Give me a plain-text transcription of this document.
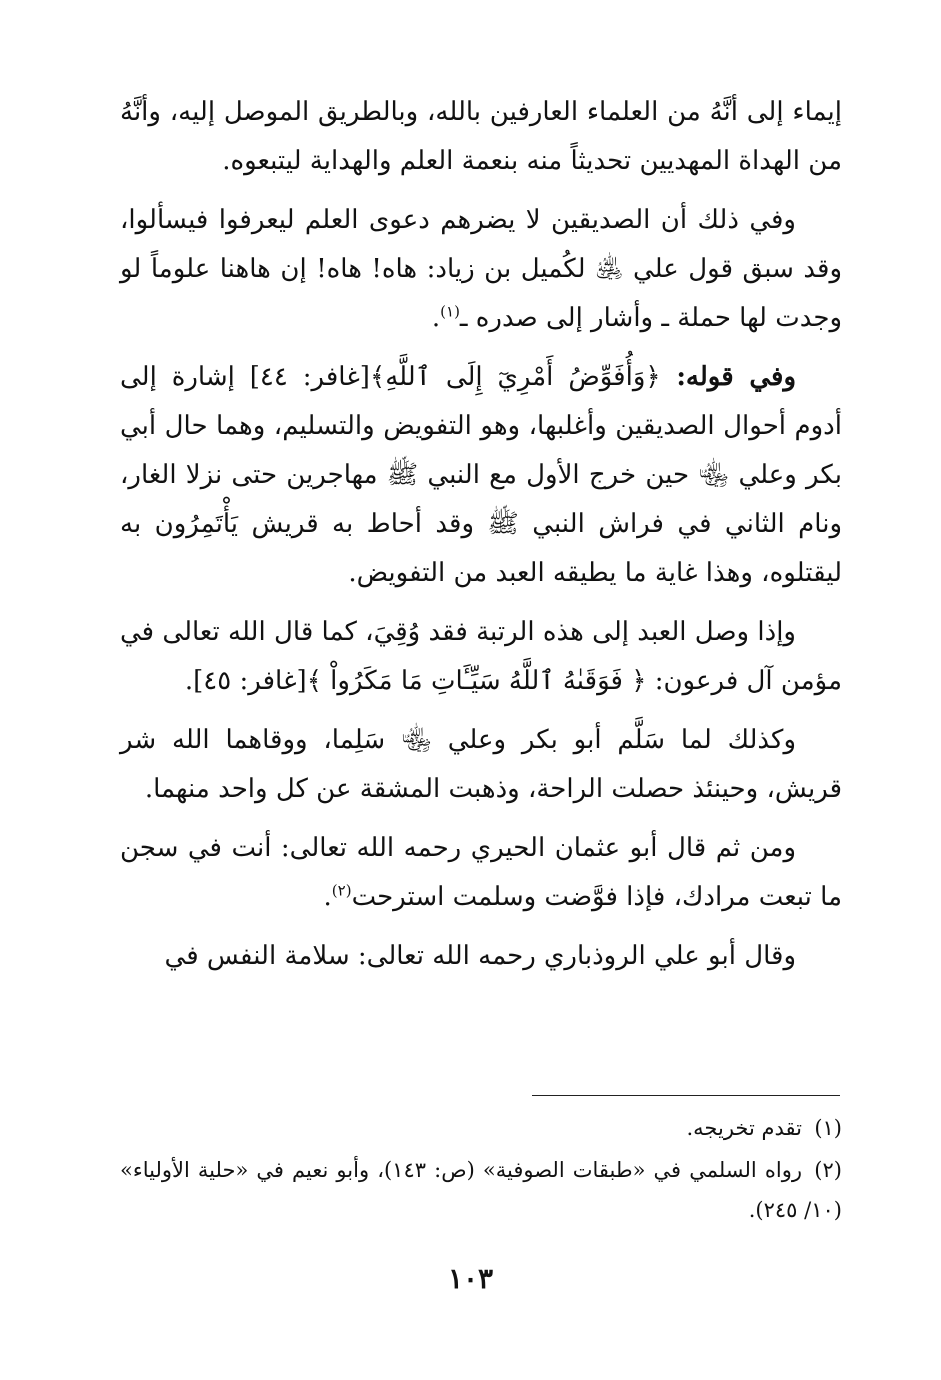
إيماء إلى أنَّهُ من العلماء العارفين بالله، وبالطريق الموصل إليه، وأنَّهُ من الهداة المهديين تحديثاً منه بنعمة العلم والهداية ليتبعوه.

وفي ذلك أن الصديقين لا يضرهم دعوى العلم ليعرفوا فيسألوا، وقد سبق قول علي ﵁ لكُميل بن زياد: هاه! هاه! إن هاهنا علوماً لو وجدت لها حملة ـ وأشار إلى صدره ـ$^{(١)}$.

وفي قوله: ﴿وَأُفَوِّضُ أَمْرِيٓ إِلَى ٱللَّهِ﴾[غافر: ٤٤] إشارة إلى أدوم أحوال الصديقين وأغلبها، وهو التفويض والتسليم، وهما حال أبي بكر وعلي ﵄ حين خرج الأول مع النبي ﷺ مهاجرين حتى نزلا الغار، ونام الثاني في فراش النبي ﷺ وقد أحاط به قريش يَأْتَمِرُون به ليقتلوه، وهذا غاية ما يطيقه العبد من التفويض.

وإذا وصل العبد إلى هذه الرتبة فقد وُقِيَ، كما قال الله تعالى في مؤمن آل فرعون: ﴿ فَوَقَىٰهُ ٱللَّهُ سَيِّـَٔاتِ مَا مَكَرُواْ ﴾[غافر: ٤٥].

وكذلك لما سَلَّم أبو بكر وعلي ﵄ سَلِما، ووقاهما الله شر قريش، وحينئذ حصلت الراحة، وذهبت المشقة عن كل واحد منهما.

ومن ثم قال أبو عثمان الحيري رحمه الله تعالى: أنت في سجن ما تبعت مرادك، فإذا فوَّضت وسلمت استرحت$^{(٢)}$.

وقال أبو علي الروذباري رحمه الله تعالى: سلامة النفس في

(١)تقدم تخريجه.

(٢)رواه السلمي في «طبقات الصوفية» (ص: ١٤٣)، وأبو نعيم في «حلية الأولياء» (١٠/ ٢٤٥).

١٠٣
